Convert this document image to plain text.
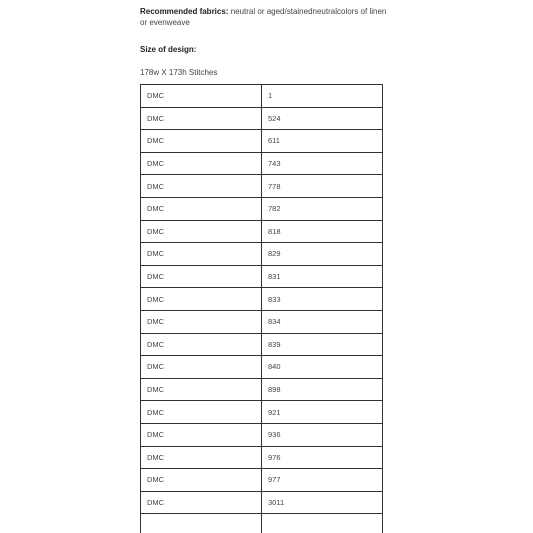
Recommended fabrics: neutral or aged/stainedneutralcolors of linen or evenweave

Size of design:

178w X 173h Stitches

DMC	1
DMC	524
DMC	611
DMC	743
DMC	778
DMC	782
DMC	818
DMC	829
DMC	831
DMC	833
DMC	834
DMC	839
DMC	840
DMC	898
DMC	921
DMC	936
DMC	976
DMC	977
DMC	3011
